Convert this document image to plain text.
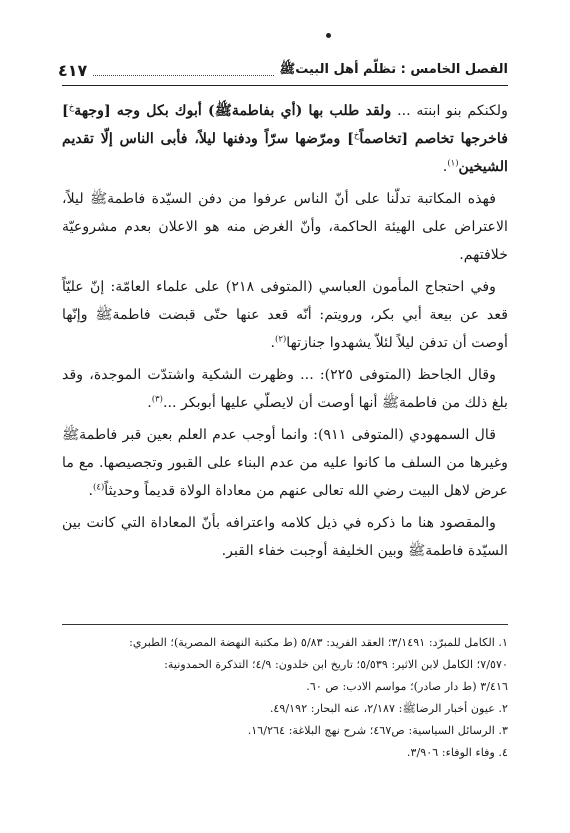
الفصل الخامس : تظلّم أهل البيتﷺ
٤١٧

ولكنكم بنو ابنته ... ولقد طلب بها (أي بفاطمةﷺ) أبوك بكل وجه [وجهة$^خ$] فاخرجها تخاصم [تخاصماً$^خ$] ومرّضها سرّاً ودفنها ليلاً، فأبى الناس إلّا تقديم الشيخين$^{(١)}$.

فهذه المكاتبة تدلّنا على أنّ الناس عرفوا من دفن السيّدة فاطمةﷺ ليلاً، الاعتراض على الهيئة الحاكمة، وأنّ الغرض منه هو الاعلان بعدم مشروعيّة خلافتهم.

وفي احتجاج المأمون العباسي (المتوفى ٢١٨) على علماء العامّة: إنّ عليّاً قعد عن بيعة أبي بكر، ورويتم: أنّه قعد عنها حتّى قبضت فاطمةﷺ وإنّها أوصت أن تدفن ليلاً لئلاّ يشهدوا جنازتها$^{(٢)}$.

وقال الجاحظ (المتوفى ٢٢٥): ... وظهرت الشكية واشتدّت الموجدة، وقد بلغ ذلك من فاطمةﷺ أنها أوصت أن لايصلّي عليها أبوبكر ...$^{(٣)}$.

قال السمهودي (المتوفى ٩١١): وانما أوجب عدم العلم بعين قبر فاطمةﷺ وغيرها من السلف ما كانوا عليه من عدم البناء على القبور وتجصيصها. مع ما عرض لاهل البيت رضي الله تعالى عنهم من معاداة الولاة قديماً وحديثاً$^{(٤)}$.

والمقصود هنا ما ذكره في ذيل كلامه واعترافه بأنّ المعاداة التي كانت بين السيّدة فاطمةﷺ وبين الخليفة أوجبت خفاء القبر.

١. الكامل للمبرّد: ٣/١٤٩١؛ العقد الفريد: ٥/٨٣ (ط مكتبة النهضة المصرية)؛ الطبري:
٧/٥٧٠؛ الكامل لابن الاثير: ٥/٥٣٩؛ تاريخ ابن خلدون: ٤/٩؛ التذكرة الحمدونية:
٣/٤١٦ (ط دار صادر)؛ مواسم الادب: ص ٦٠.
٢. عيون أخبار الرضاﷺ: ٢/١٨٧، عنه البحار: ٤٩/١٩٢.
٣. الرسائل السياسية: ص٤٦٧؛ شرح نهج البلاغة: ١٦/٢٦٤.
٤. وفاء الوفاء: ٣/٩٠٦.
